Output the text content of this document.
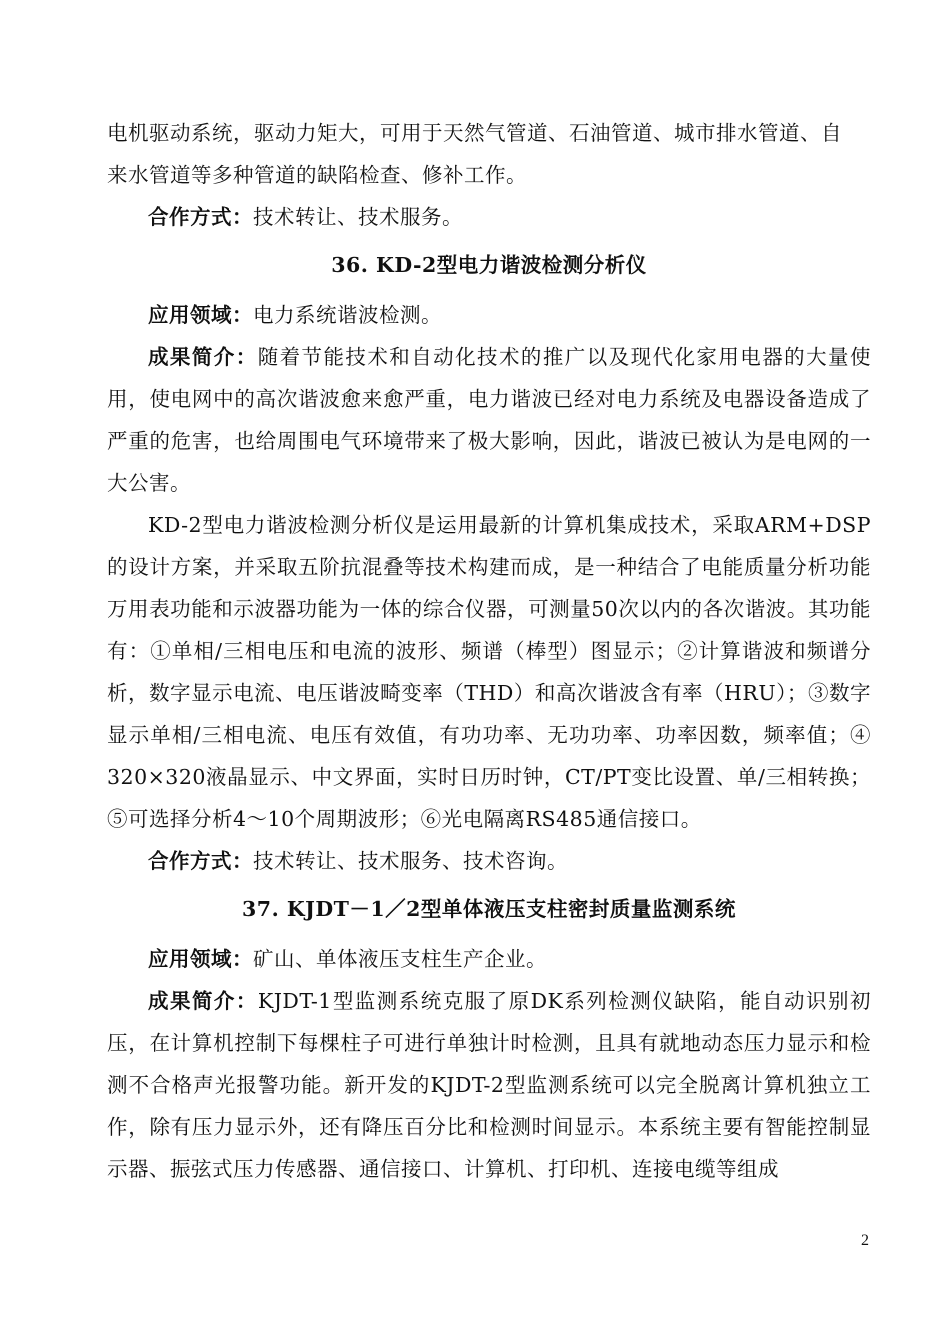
电机驱动系统，驱动力矩大，可用于天然气管道、石油管道、城市排水管道、自
来水管道等多种管道的缺陷检查、修补工作。

合作方式：技术转让、技术服务。

36. KD-2型电力谐波检测分析仪

应用领域：电力系统谐波检测。

成果简介：随着节能技术和自动化技术的推广以及现代化家用电器的大量使用，使电网中的高次谐波愈来愈严重，电力谐波已经对电力系统及电器设备造成了严重的危害，也给周围电气环境带来了极大影响，因此，谐波已被认为是电网的一大公害。

KD-2型电力谐波检测分析仪是运用最新的计算机集成技术，采取ARM+DSP的设计方案，并采取五阶抗混叠等技术构建而成，是一种结合了电能质量分析功能万用表功能和示波器功能为一体的综合仪器，可测量50次以内的各次谐波。其功能有：①单相/三相电压和电流的波形、频谱（棒型）图显示；②计算谐波和频谱分析，数字显示电流、电压谐波畸变率（THD）和高次谐波含有率（HRU）；③数字显示单相/三相电流、电压有效值，有功功率、无功功率、功率因数，频率值；④ 320×320液晶显示、中文界面，实时日历时钟，CT/PT变比设置、单/三相转换；⑤可选择分析4～10个周期波形；⑥光电隔离RS485通信接口。

合作方式：技术转让、技术服务、技术咨询。

37. KJDT－1／2型单体液压支柱密封质量监测系统

应用领域：矿山、单体液压支柱生产企业。

成果简介：KJDT-1型监测系统克服了原DK系列检测仪缺陷，能自动识别初压，在计算机控制下每棵柱子可进行单独计时检测，且具有就地动态压力显示和检测不合格声光报警功能。新开发的KJDT-2型监测系统可以完全脱离计算机独立工作，除有压力显示外，还有降压百分比和检测时间显示。本系统主要有智能控制显示器、振弦式压力传感器、通信接口、计算机、打印机、连接电缆等组成

2
